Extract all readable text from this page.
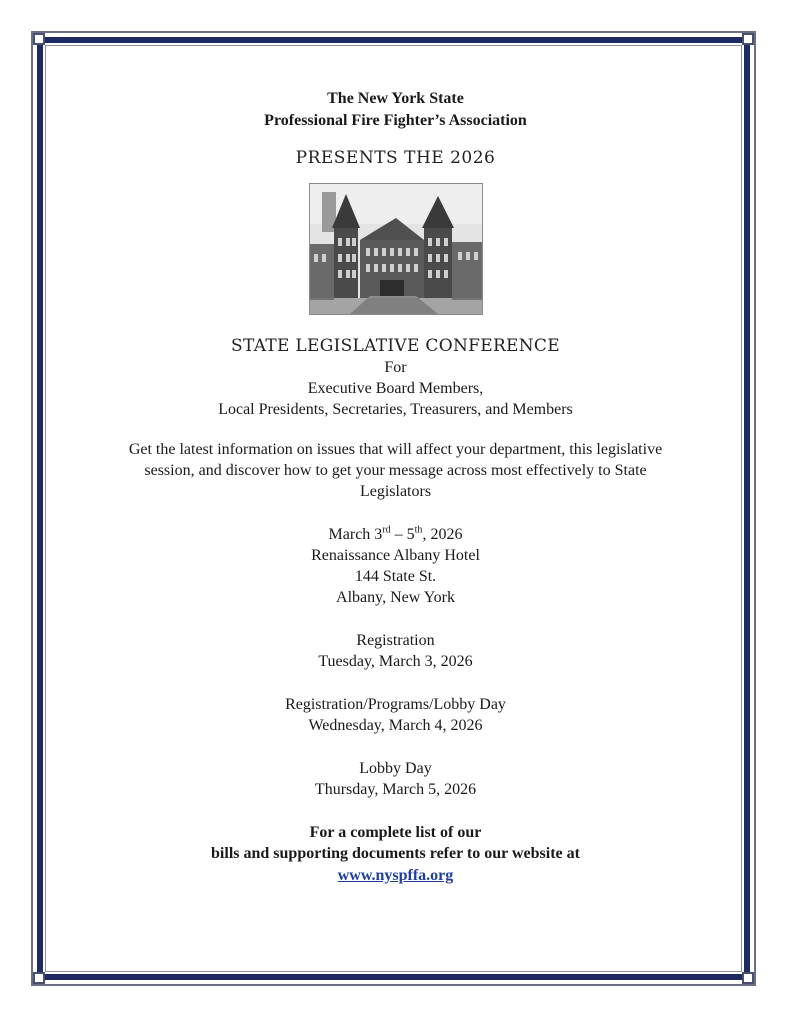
The New York State

Professional Fire Fighter’s Association

PRESENTS THE 2026

STATE LEGISLATIVE CONFERENCE

For

Executive Board Members,

Local Presidents, Secretaries, Treasurers, and Members

Get the latest information on issues that will affect your department, this legislative

session, and discover how to get your message across most effectively to State

Legislators

March 3rd – 5th, 2026

Renaissance Albany Hotel

144 State St.

Albany, New York

Registration

Tuesday, March 3, 2026

Registration/Programs/Lobby Day

Wednesday, March 4, 2026

Lobby Day

Thursday, March 5, 2026

For a complete list of our

bills and supporting documents refer to our website at

www.nyspffa.org
